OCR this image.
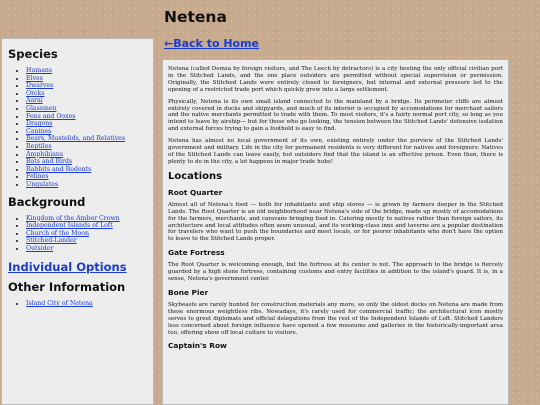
Species
• Humans
• Elves
• Dwarves
• Orcks
• Aarai
• Glassmen
• Fens and Ooxes
• Dragons
• Canines
• Bears, Mustelids, and Relatives
• Reptiles
• Amphibians
• Bats and Birds
• Rabbits and Rodents
• Felines
• Ungulates
Background
• Kingdom of the Amber Crown
• Independent Islands of Loft
• Church of the Moon
• Stitched-Lander
• Outsider
Individual Options
Other Information
• Island City of Netena
Netena
←Back to Home

Netena (called Demza by foreign visitors, and The Leech by detractors) is a city hosting the only official civilian port in the Stitched Lands, and the one place outsiders are permitted without special supervision or permission. Originally, the Stitched Lands were entirely closed to foreigners, but internal and external pressure led to the opening of a restricted trade port which quickly grew into a large settlement.

Physically, Netena is its own small island connected to the mainland by a bridge. Its perimeter cliffs are almost entirely covered in docks and shipyards, and much of its interior is occupied by accomodations for merchant sailors and the native merchants permitted to trade with them. To most visitors, it's a fairly normal port city, so long as you intend to leave by airship— but for those who go looking, the tension between the Stitched Lands' defensive isolation and external forces trying to gain a foothold is easy to find.

Netena has almost no local government of its own, existing entirely under the purview of the Stitched Lands' government and military. Life in the city for permanent residents is very different for natives and foreigners: Natives of the Stitched Lands can leave easily, but outsiders find that the island is an effective prison. Even then, there is plenty to do in the city, a lot happens in major trade hubs!

Locations
Root Quarter

Almost all of Netena's food — both for inhabitants and ship stores — is grown by farmers deeper in the Stitched Lands. The Root Quarter is an old neighborhood near Netena's side of the bridge, made up mostly of accomodations for the farmers, merchants, and caravans bringing food in. Catering mostly to natives rather than foreign sailors, its architecture and local attitudes often seem unusual, and its working-class inns and taverns are a popular destination for travelers who want to push the boundaries and meet locals, or for poorer inhabitants who don't have the option to leave to the Stitched Lands proper.

Gate Fortress

The Root Quarter is welcoming enough, but the fortress at its center is not. The approach to the bridge is fiercely guarded by a high stone fortress, containing customs and entry facilities in addition to the island's guard. It is, in a sense, Netena's government center.

Bone Pier

Skybeasts are rarely hunted for construction materials any more, so only the oldest docks on Netena are made from these enormous weightless ribs. Nowadays, it's rarely used for commercial traffic; the architectural icon mostly serves to greet diplomats and official delegations from the rest of the Independent Islands of Loft. Stitched Landers less concerned about foreign influence have opened a few museums and galleries in the historically-important area too, offering show off local culture to visitors.

Captain's Row
